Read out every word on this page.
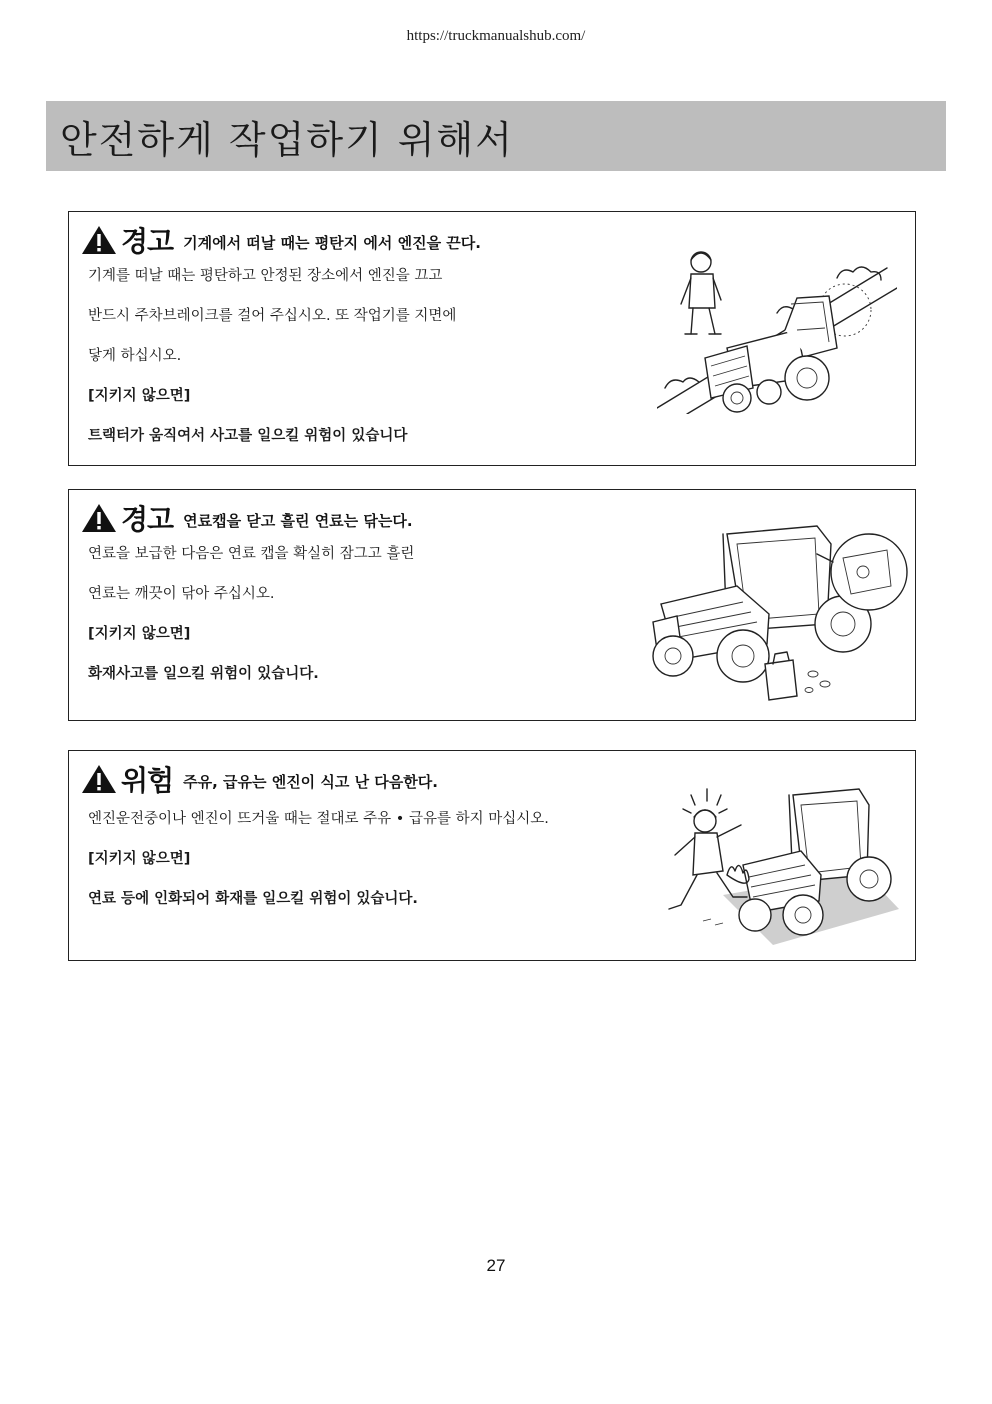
https://truckmanualshub.com/
안전하게 작업하기 위해서
경고 기계에서 떠날 때는 평탄지 에서 엔진을 끈다.
기계를 떠날 때는 평탄하고 안정된 장소에서 엔진을 끄고
반드시 주차브레이크를 걸어 주십시오. 또 작업기를 지면에
닿게 하십시오.
[지키지 않으면]
트랙터가 움직여서 사고를 일으킬 위험이 있습니다
경고 연료캡을 닫고 흘린 연료는 닦는다.
연료을 보급한 다음은 연료 캡을 확실히 잠그고 흘린
연료는 깨끗이 닦아 주십시오.
[지키지 않으면]
화재사고를 일으킬 위험이 있습니다.
위험 주유, 급유는 엔진이 식고 난 다음한다.
엔진운전중이나 엔진이 뜨거울 때는 절대로 주유 • 급유를 하지 마십시오.
[지키지 않으면]
연료 등에 인화되어 화재를 일으킬 위험이 있습니다.
27
